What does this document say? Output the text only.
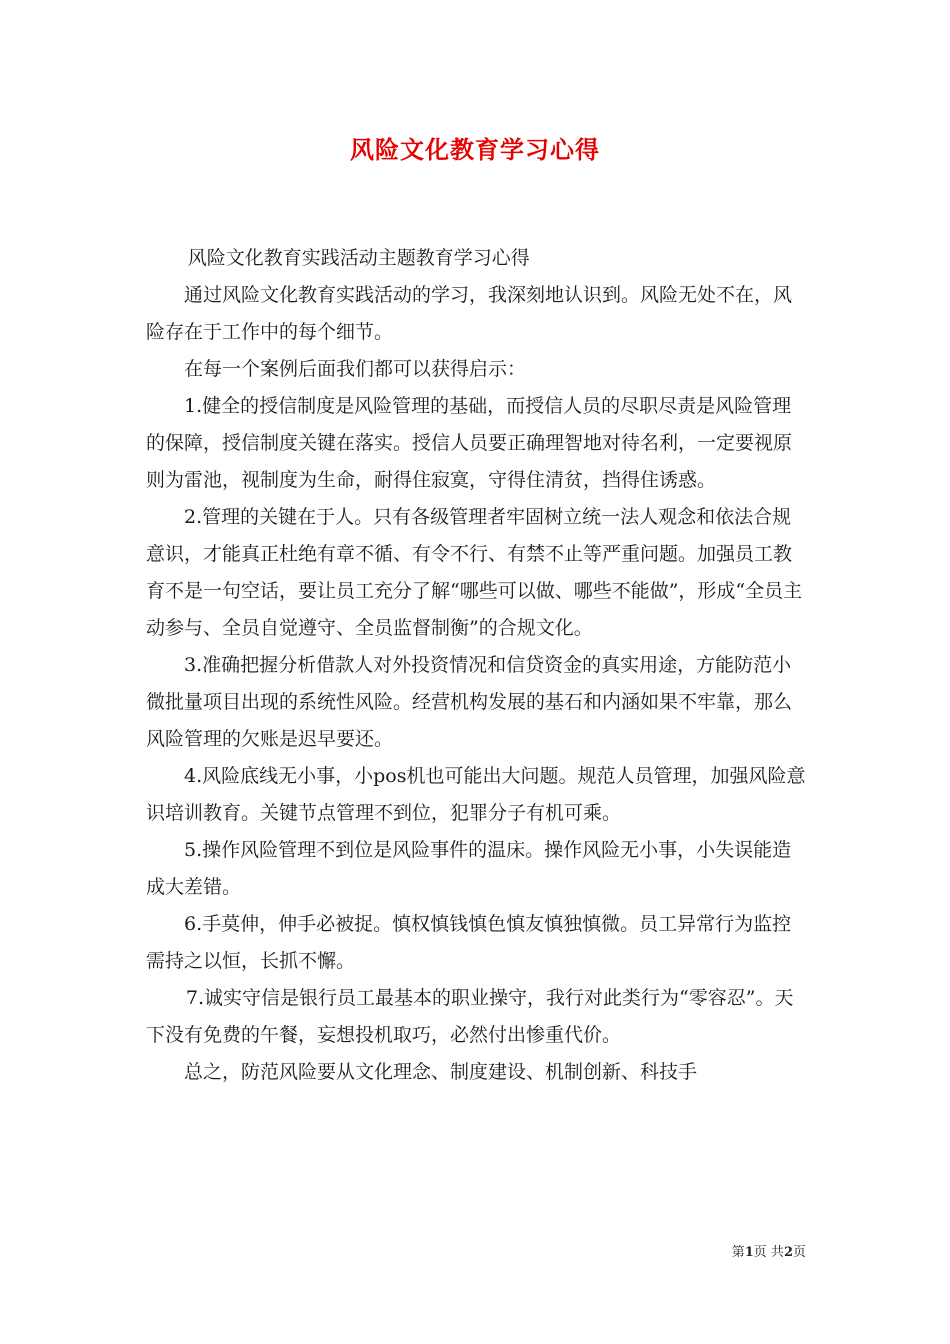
风险文化教育学习心得

风险文化教育实践活动主题教育学习心得

通过风险文化教育实践活动的学习，我深刻地认识到。风险无处不在，风险存在于工作中的每个细节。

在每一个案例后面我们都可以获得启示：

1.健全的授信制度是风险管理的基础，而授信人员的尽职尽责是风险管理的保障，授信制度关键在落实。授信人员要正确理智地对待名利，一定要视原则为雷池，视制度为生命，耐得住寂寞，守得住清贫，挡得住诱惑。

2.管理的关键在于人。只有各级管理者牢固树立统一法人观念和依法合规意识，才能真正杜绝有章不循、有令不行、有禁不止等严重问题。加强员工教育不是一句空话，要让员工充分了解“哪些可以做、哪些不能做”，形成“全员主动参与、全员自觉遵守、全员监督制衡”的合规文化。

3.准确把握分析借款人对外投资情况和信贷资金的真实用途，方能防范小微批量项目出现的系统性风险。经营机构发展的基石和内涵如果不牢靠，那么风险管理的欠账是迟早要还。

4.风险底线无小事，小pos机也可能出大问题。规范人员管理，加强风险意识培训教育。关键节点管理不到位，犯罪分子有机可乘。

5.操作风险管理不到位是风险事件的温床。操作风险无小事，小失误能造成大差错。

6.手莫伸，伸手必被捉。慎权慎钱慎色慎友慎独慎微。员工异常行为监控需持之以恒，长抓不懈。

7.诚实守信是银行员工最基本的职业操守，我行对此类行为“零容忍”。天下没有免费的午餐，妄想投机取巧，必然付出惨重代价。

总之，防范风险要从文化理念、制度建设、机制创新、科技手

第1页 共2页
